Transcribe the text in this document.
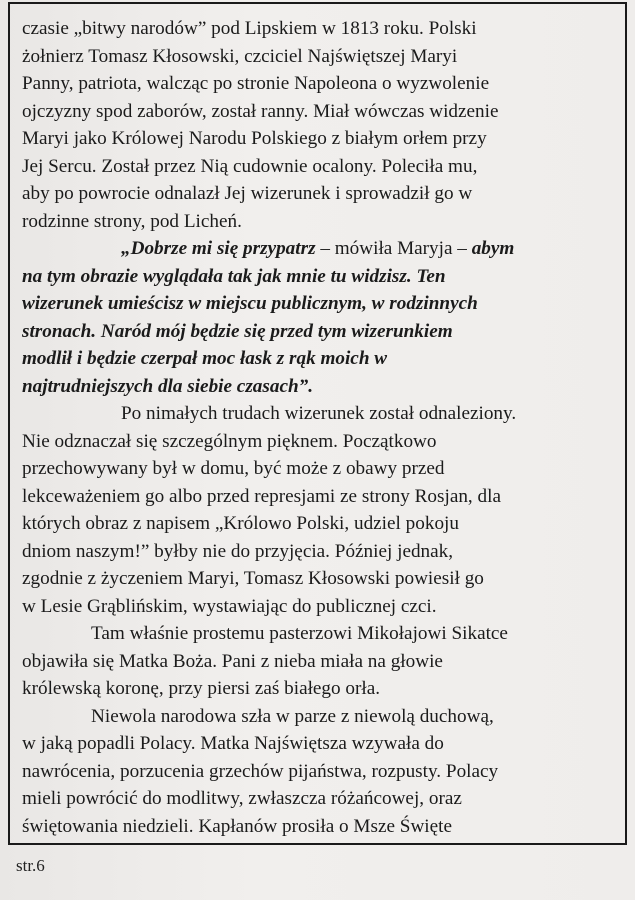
czasie „bitwy narodów” pod Lipskiem w 1813 roku. Polski
żołnierz Tomasz Kłosowski, czciciel Najświętszej Maryi
Panny, patriota, walcząc po stronie Napoleona o wyzwolenie
ojczyzny spod zaborów, został ranny. Miał wówczas widzenie
Maryi jako Królowej Narodu Polskiego z białym orłem przy
Jej Sercu. Został przez Nią cudownie ocalony. Poleciła mu,
aby po powrocie odnalazł Jej wizerunek i sprowadził go w
rodzinne strony, pod Licheń.
„Dobrze mi się przypatrz – mówiła Maryja – abym
na tym obrazie wyglądała tak jak mnie tu widzisz. Ten
wizerunek umieścisz w miejscu publicznym, w rodzinnych
stronach. Naród mój będzie się przed tym wizerunkiem
modlił i będzie czerpał moc łask z rąk moich w
najtrudniejszych dla siebie czasach”.
Po nimałych trudach wizerunek został odnaleziony.
Nie odznaczał się szczególnym pięknem. Początkowo
przechowywany był w domu, być może z obawy przed
lekceważeniem go albo przed represjami ze strony Rosjan, dla
których obraz z napisem „Królowo Polski, udziel pokoju
dniom naszym!” byłby nie do przyjęcia. Później jednak,
zgodnie z życzeniem Maryi, Tomasz Kłosowski powiesił go
w Lesie Grąblińskim, wystawiając do publicznej czci.
Tam właśnie prostemu pasterzowi Mikołajowi Sikatce
objawiła się Matka Boża. Pani z nieba miała na głowie
królewską koronę, przy piersi zaś białego orła.
Niewola narodowa szła w parze z niewolą duchową,
w jaką popadli Polacy. Matka Najświętsza wzywała do
nawrócenia, porzucenia grzechów pijaństwa, rozpusty. Polacy
mieli powrócić do modlitwy, zwłaszcza różańcowej, oraz
świętowania niedzieli. Kapłanów prosiła o Msze Święte
str.6
